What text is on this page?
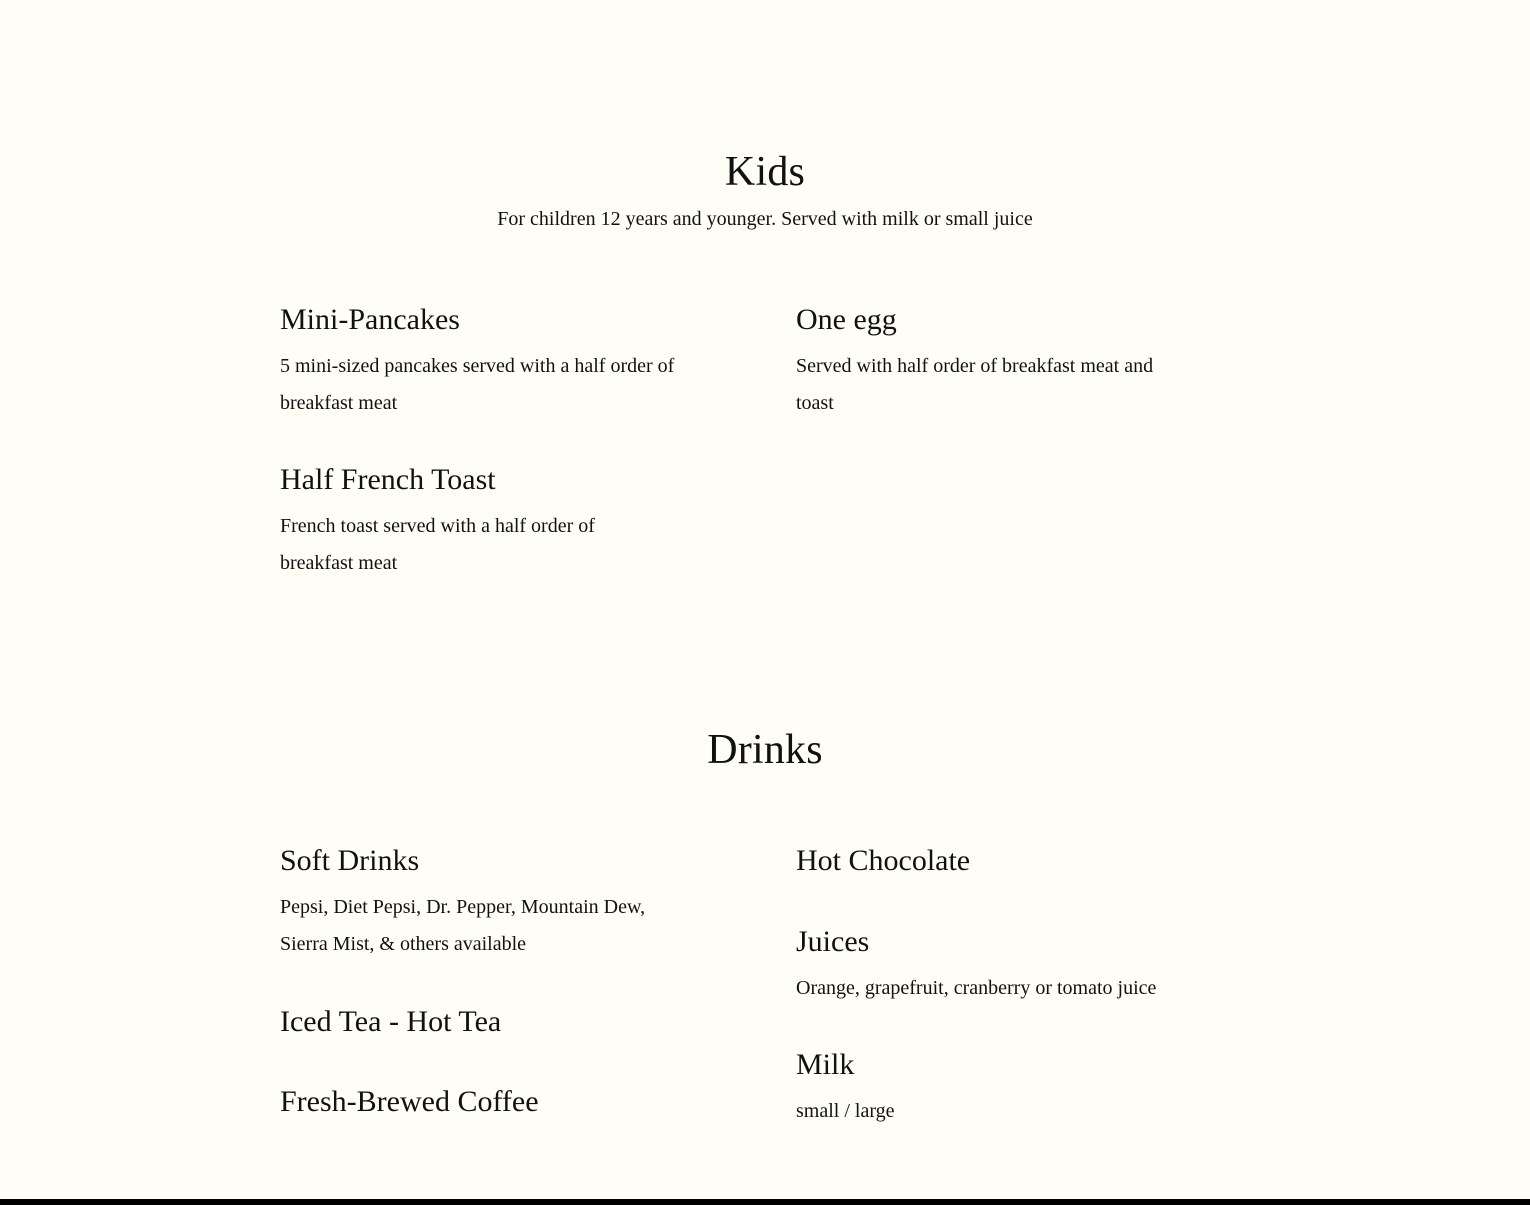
Kids

For children 12 years and younger. Served with milk or small juice

Mini-Pancakes

5 mini-sized pancakes served with a half order of breakfast meat

One egg

Served with half order of breakfast meat and toast

Half French Toast

French toast served with a half order of breakfast meat

Drinks
Soft Drinks

Pepsi, Diet Pepsi, Dr. Pepper, Mountain Dew, Sierra Mist, & others available

Hot Chocolate
Juices

Orange, grapefruit, cranberry or tomato juice

Iced Tea - Hot Tea
Milk

small / large

Fresh-Brewed Coffee
